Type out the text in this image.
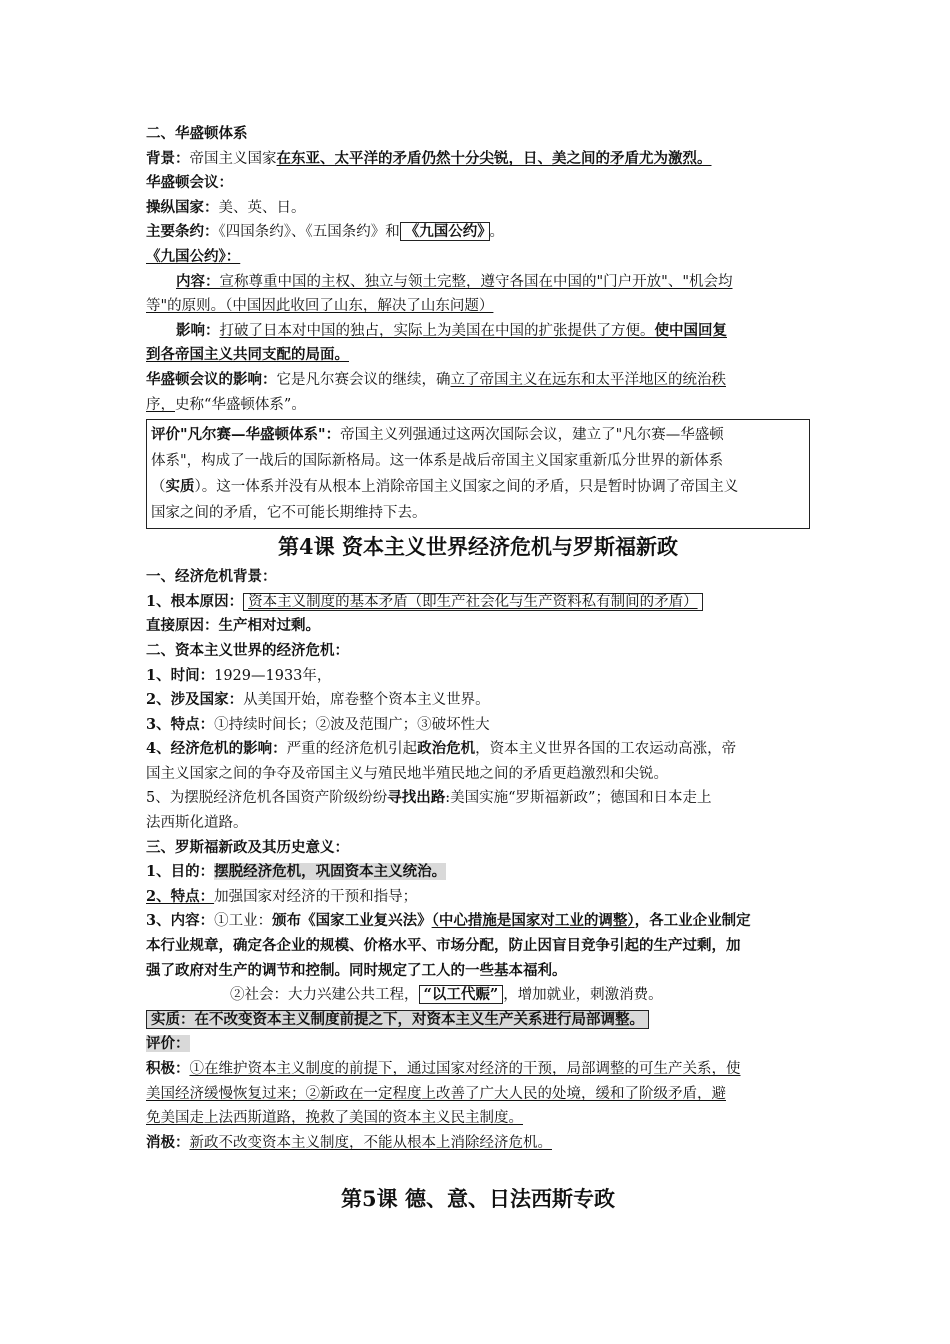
二、华盛顿体系
背景：帝国主义国家在东亚、太平洋的矛盾仍然十分尖锐，日、美之间的矛盾尤为激烈。
华盛顿会议：
操纵国家：美、英、日。
主要条约：《四国条约》、《五国条约》和 《九国公约》 。
《九国公约》：
内容：宣称尊重中国的主权、独立与领土完整，遵守各国在中国的"门户开放"、"机会均
等"的原则。（中国因此收回了山东，解决了山东问题）
影响：打破了日本对中国的独占，实际上为美国在中国的扩张提供了方便。使中国回复
到各帝国主义共同支配的局面。
华盛顿会议的影响：它是凡尔赛会议的继续，确立了帝国主义在远东和太平洋地区的统治秩
序，史称“华盛顿体系”。
评价"凡尔赛—华盛顿体系"：帝国主义列强通过这两次国际会议，建立了"凡尔赛—华盛顿
体系"，构成了一战后的国际新格局。这一体系是战后帝国主义国家重新瓜分世界的新体系
（实质）。这一体系并没有从根本上消除帝国主义国家之间的矛盾，只是暂时协调了帝国主义
国家之间的矛盾，它不可能长期维持下去。
第4课 资本主义世界经济危机与罗斯福新政
一、经济危机背景：
1、根本原因： 资本主义制度的基本矛盾（即生产社会化与生产资料私有制间的矛盾）
直接原因：生产相对过剩。
二、资本主义世界的经济危机：
1、时间：1929—1933年，
2、涉及国家：从美国开始，席卷整个资本主义世界。
3、特点：①持续时间长；②波及范围广；③破坏性大
4、经济危机的影响：严重的经济危机引起政治危机，资本主义世界各国的工农运动高涨，帝
国主义国家之间的争夺及帝国主义与殖民地半殖民地之间的矛盾更趋激烈和尖锐。
5、为摆脱经济危机各国资产阶级纷纷寻找出路:美国实施“罗斯福新政”；德国和日本走上
法西斯化道路。
三、罗斯福新政及其历史意义：
1、目的：摆脱经济危机，巩固资本主义统治。
2、特点：加强国家对经济的干预和指导；
3、内容：①工业：颁布《国家工业复兴法》（中心措施是国家对工业的调整），各工业企业制定
本行业规章，确定各企业的规模、价格水平、市场分配，防止因盲目竞争引起的生产过剩，加
强了政府对生产的调节和控制。同时规定了工人的一些基本福利。
②社会：大力兴建公共工程， “以工代赈” ，增加就业，刺激消费。
实质：在不改变资本主义制度前提之下，对资本主义生产关系进行局部调整。
评价：
积极：①在维护资本主义制度的前提下，通过国家对经济的干预，局部调整的可生产关系，使
美国经济缓慢恢复过来；②新政在一定程度上改善了广大人民的处境，缓和了阶级矛盾，避
免美国走上法西斯道路，挽救了美国的资本主义民主制度。
消极：新政不改变资本主义制度，不能从根本上消除经济危机。
第5课 德、意、日法西斯专政
